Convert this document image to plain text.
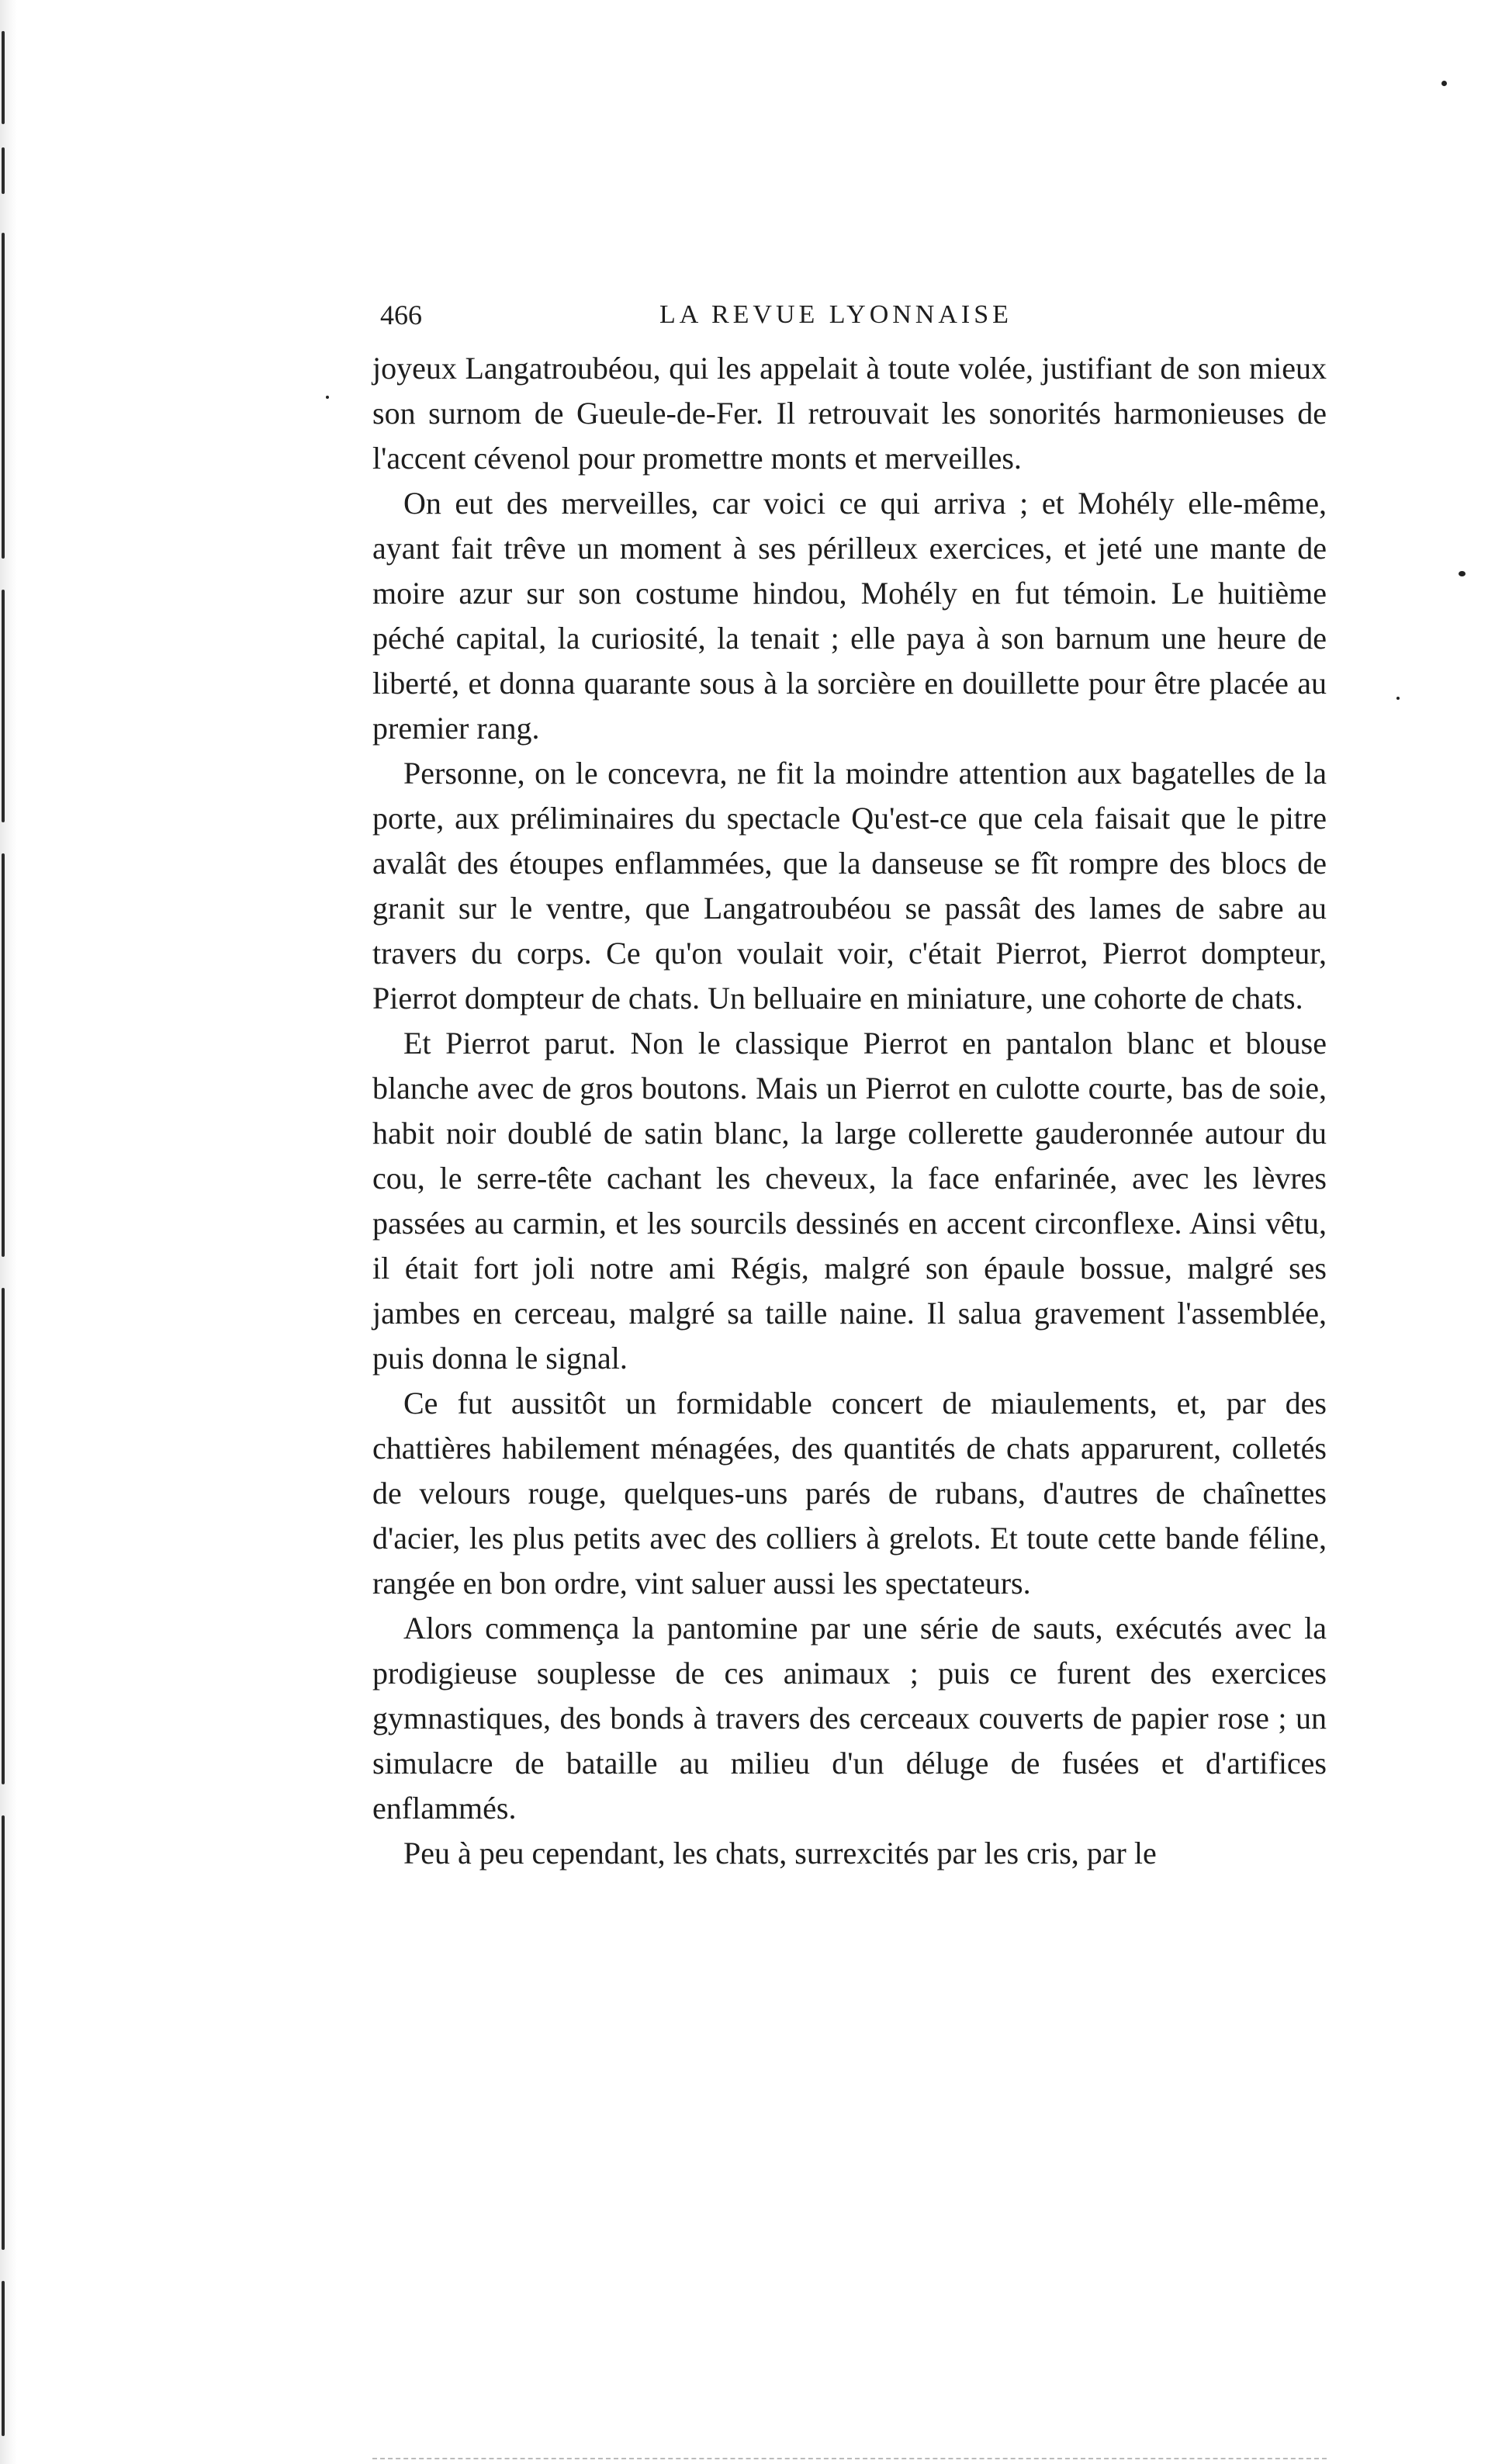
466	LA REVUE LYONNAISE

joyeux Langatroubéou, qui les appelait à toute volée, justifiant de son mieux son surnom de Gueule-de-Fer. Il retrouvait les sonorités harmonieuses de l'accent cévenol pour promettre monts et merveilles.

On eut des merveilles, car voici ce qui arriva ; et Mohély elle-même, ayant fait trêve un moment à ses périlleux exercices, et jeté une mante de moire azur sur son costume hindou, Mohély en fut témoin. Le huitième péché capital, la curiosité, la tenait ; elle paya à son barnum une heure de liberté, et donna quarante sous à la sorcière en douillette pour être placée au premier rang.

Personne, on le concevra, ne fit la moindre attention aux bagatelles de la porte, aux préliminaires du spectacle Qu'est-ce que cela faisait que le pitre avalât des étoupes enflammées, que la danseuse se fît rompre des blocs de granit sur le ventre, que Langatroubéou se passât des lames de sabre au travers du corps. Ce qu'on voulait voir, c'était Pierrot, Pierrot dompteur, Pierrot dompteur de chats. Un belluaire en miniature, une cohorte de chats.

Et Pierrot parut. Non le classique Pierrot en pantalon blanc et blouse blanche avec de gros boutons. Mais un Pierrot en culotte courte, bas de soie, habit noir doublé de satin blanc, la large collerette gauderonnée autour du cou, le serre-tête cachant les cheveux, la face enfarinée, avec les lèvres passées au carmin, et les sourcils dessinés en accent circonflexe. Ainsi vêtu, il était fort joli notre ami Régis, malgré son épaule bossue, malgré ses jambes en cerceau, malgré sa taille naine. Il salua gravement l'assemblée, puis donna le signal.

Ce fut aussitôt un formidable concert de miaulements, et, par des chattières habilement ménagées, des quantités de chats apparurent, colletés de velours rouge, quelques-uns parés de rubans, d'autres de chaînettes d'acier, les plus petits avec des colliers à grelots. Et toute cette bande féline, rangée en bon ordre, vint saluer aussi les spectateurs.

Alors commença la pantomine par une série de sauts, exécutés avec la prodigieuse souplesse de ces animaux ; puis ce furent des exercices gymnastiques, des bonds à travers des cerceaux couverts de papier rose ; un simulacre de bataille au milieu d'un déluge de fusées et d'artifices enflammés.

Peu à peu cependant, les chats, surrexcités par les cris, par le
